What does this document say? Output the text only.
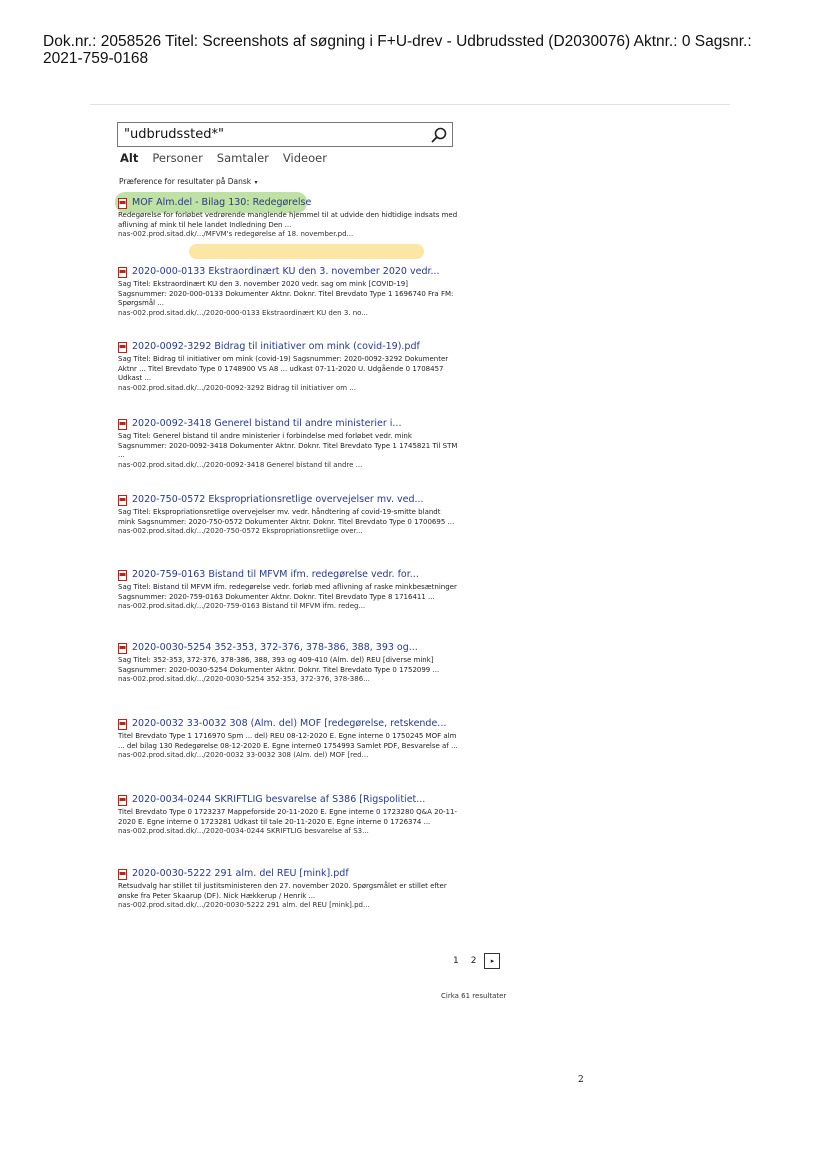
Dok.nr.: 2058526 Titel: Screenshots af søgning i F+U-drev - Udbrudssted (D2030076) Aktnr.: 0 Sagsnr.:
2021-759-0168
"udbrudssted*"
Alt Personer Samtaler Videoer
Præference for resultater på Dansk ▾
MOF Alm.del - Bilag 130: Redegørelse
Redegørelse for forløbet vedrørende manglende hjemmel til at udvide den hidtidige indsats med aflivning af mink til hele landet Indledning Den ...
nas-002.prod.sitad.dk/.../MFVM's redegørelse af 18. november.pd...
2020-000-0133 Ekstraordinært KU den 3. november 2020 vedr...
Sag Titel: Ekstraordinært KU den 3. november 2020 vedr. sag om mink [COVID-19] Sagsnummer: 2020-000-0133 Dokumenter Aktnr. Doknr. Titel Brevdato Type 1 1696740 Fra FM: Spørgsmål ...
nas-002.prod.sitad.dk/.../2020-000-0133 Ekstraordinært KU den 3. no...
2020-0092-3292 Bidrag til initiativer om mink (covid-19).pdf
Sag Titel: Bidrag til initiativer om mink (covid-19) Sagsnummer: 2020-0092-3292 Dokumenter Aktnr ... Titel Brevdato Type 0 1748900 VS A8 ... udkast 07-11-2020 U. Udgående 0 1708457 Udkast ...
nas-002.prod.sitad.dk/.../2020-0092-3292 Bidrag til initiativer om ...
2020-0092-3418 Generel bistand til andre ministerier i...
Sag Titel: Generel bistand til andre ministerier i forbindelse med forløbet vedr. mink Sagsnummer: 2020-0092-3418 Dokumenter Aktnr. Doknr. Titel Brevdato Type 1 1745821 Til STM ...
nas-002.prod.sitad.dk/.../2020-0092-3418 Generel bistand til andre ...
2020-750-0572 Ekspropriationsretlige overvejelser mv. ved...
Sag Titel: Ekspropriationsretlige overvejelser mv. vedr. håndtering af covid-19-smitte blandt mink Sagsnummer: 2020-750-0572 Dokumenter Aktnr. Doknr. Titel Brevdato Type 0 1700695 ...
nas-002.prod.sitad.dk/.../2020-750-0572 Ekspropriationsretlige over...
2020-759-0163 Bistand til MFVM ifm. redegørelse vedr. for...
Sag Titel: Bistand til MFVM ifm. redegørelse vedr. forløb med aflivning af raske minkbesætninger Sagsnummer: 2020-759-0163 Dokumenter Aktnr. Doknr. Titel Brevdato Type 8 1716411 ...
nas-002.prod.sitad.dk/.../2020-759-0163 Bistand til MFVM ifm. redeg...
2020-0030-5254 352-353, 372-376, 378-386, 388, 393 og...
Sag Titel: 352-353, 372-376, 378-386, 388, 393 og 409-410 (Alm. del) REU [diverse mink] Sagsnummer: 2020-0030-5254 Dokumenter Aktnr. Doknr. Titel Brevdato Type 0 1752099 ...
nas-002.prod.sitad.dk/.../2020-0030-5254 352-353, 372-376, 378-386...
2020-0032 33-0032 308 (Alm. del) MOF [redegørelse, retskende...
Titel Brevdato Type 1 1716970 Spm ... del) REU 08-12-2020 E. Egne interne 0 1750245 MOF alm ... del bilag 130 Redegørelse 08-12-2020 E. Egne interne0 1754993 Samlet PDF, Besvarelse af ...
nas-002.prod.sitad.dk/.../2020-0032 33-0032 308 (Alm. del) MOF [red...
2020-0034-0244 SKRIFTLIG besvarelse af S386 [Rigspolitiet...
Titel Brevdato Type 0 1723237 Mappeforside 20-11-2020 E. Egne interne 0 1723280 Q&A 20-11-2020 E. Egne interne 0 1723281 Udkast til tale 20-11-2020 E. Egne interne 0 1726374 ...
nas-002.prod.sitad.dk/.../2020-0034-0244 SKRIFTLIG besvarelse af S3...
2020-0030-5222 291 alm. del REU [mink].pdf
Retsudvalg har stillet til justitsministeren den 27. november 2020. Spørgsmålet er stillet efter ønske fra Peter Skaarup (DF). Nick Hækkerup / Henrik ...
nas-002.prod.sitad.dk/.../2020-0030-5222 291 alm. del REU [mink].pd...
1 2 ▸
Cirka 61 resultater
2
